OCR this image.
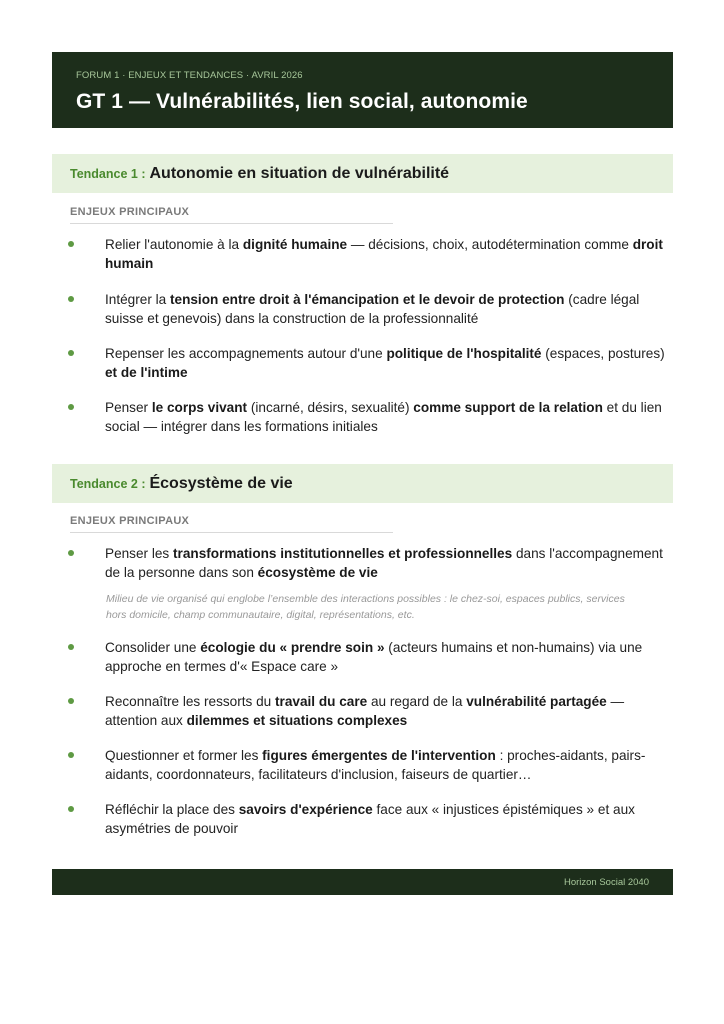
FORUM 1 · ENJEUX ET TENDANCES · AVRIL 2026
GT 1 — Vulnérabilités, lien social, autonomie
Tendance 1 : Autonomie en situation de vulnérabilité
ENJEUX PRINCIPAUX
Relier l'autonomie à la dignité humaine — décisions, choix, autodétermination comme droit humain
Intégrer la tension entre droit à l'émancipation et le devoir de protection (cadre légal suisse et genevois) dans la construction de la professionnalité
Repenser les accompagnements autour d'une politique de l'hospitalité (espaces, postures) et de l'intime
Penser le corps vivant (incarné, désirs, sexualité) comme support de la relation et du lien social — intégrer dans les formations initiales
Tendance 2 : Écosystème de vie
ENJEUX PRINCIPAUX
Penser les transformations institutionnelles et professionnelles dans l'accompagnement de la personne dans son écosystème de vie
Milieu de vie organisé qui englobe l’ensemble des interactions possibles : le chez-soi, espaces publics, services hors domicile, champ communautaire, digital, représentations, etc.
Consolider une écologie du « prendre soin » (acteurs humains et non-humains) via une approche en termes d'« Espace care »
Reconnaître les ressorts du travail du care au regard de la vulnérabilité partagée — attention aux dilemmes et situations complexes
Questionner et former les figures émergentes de l'intervention : proches-aidants, pairs-aidants, coordonnateurs, facilitateurs d'inclusion, faiseurs de quartier…
Réfléchir la place des savoirs d'expérience face aux « injustices épistémiques » et aux asymétries de pouvoir
Horizon Social 2040
